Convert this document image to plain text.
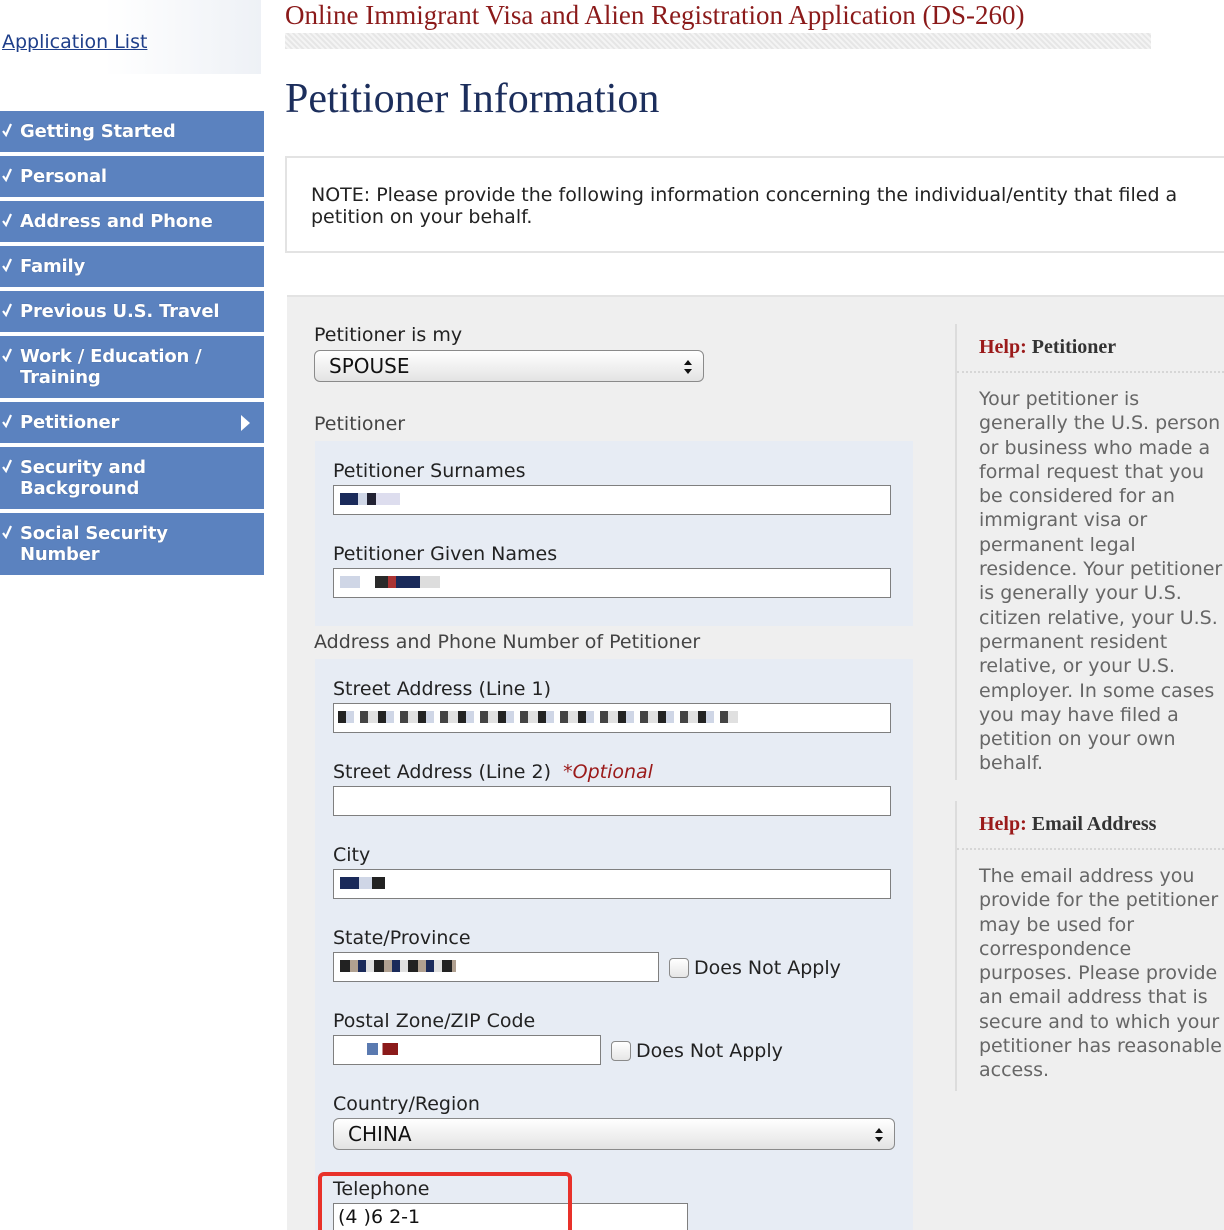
Application List
Getting Started
Personal
Address and Phone
Family
Previous U.S. Travel
Work / Education / Training
Petitioner
Security and Background
Social Security Number
Online Immigrant Visa and Alien Registration Application (DS-260)
Petitioner Information
NOTE: Please provide the following information concerning the individual/entity that filed a petition on your behalf.
Petitioner is my
SPOUSE
Petitioner
Petitioner Surnames
Petitioner Given Names
Address and Phone Number of Petitioner
Street Address (Line 1)
Street Address (Line 2) *Optional
City
State/Province
Does Not Apply
Postal Zone/ZIP Code
Does Not Apply
Country/Region
CHINA
Telephone
(4 )6 2-1
Help: Petitioner
Your petitioner is generally the U.S. person or business who made a formal request that you be considered for an immigrant visa or permanent legal residence. Your petitioner is generally your U.S. citizen relative, your U.S. permanent resident relative, or your U.S. employer. In some cases you may have filed a petition on your own behalf.
Help: Email Address
The email address you provide for the petitioner may be used for correspondence purposes. Please provide an email address that is secure and to which your petitioner has reasonable access.
